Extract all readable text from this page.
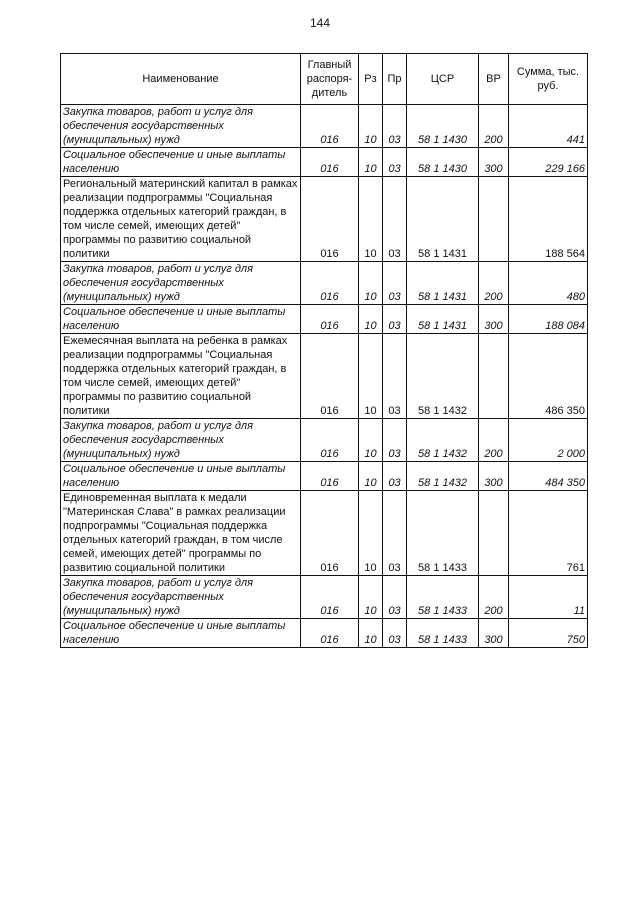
144
Наименование	Главный распоря-дитель	Рз	Пр	ЦСР	ВР	Сумма, тыс. руб.
Закупка товаров, работ и услуг для обеспечения государственных (муниципальных) нужд	016	10	03	58 1 1430	200	441
Социальное обеспечение и иные выплаты населению	016	10	03	58 1 1430	300	229 166
Региональный материнский капитал в рамках реализации подпрограммы "Социальная поддержка отдельных категорий граждан, в том числе семей, имеющих детей" программы по развитию социальной политики	016	10	03	58 1 1431		188 564
Закупка товаров, работ и услуг для обеспечения государственных (муниципальных) нужд	016	10	03	58 1 1431	200	480
Социальное обеспечение и иные выплаты населению	016	10	03	58 1 1431	300	188 084
Ежемесячная выплата на ребенка в рамках реализации подпрограммы "Социальная поддержка отдельных категорий граждан, в том числе семей, имеющих детей" программы по развитию социальной политики	016	10	03	58 1 1432		486 350
Закупка товаров, работ и услуг для обеспечения государственных (муниципальных) нужд	016	10	03	58 1 1432	200	2 000
Социальное обеспечение и иные выплаты населению	016	10	03	58 1 1432	300	484 350
Единовременная выплата к медали "Материнская Слава" в рамках реализации подпрограммы "Социальная поддержка отдельных категорий граждан, в том числе семей, имеющих детей" программы по развитию социальной политики	016	10	03	58 1 1433		761
Закупка товаров, работ и услуг для обеспечения государственных (муниципальных) нужд	016	10	03	58 1 1433	200	11
Социальное обеспечение и иные выплаты населению	016	10	03	58 1 1433	300	750
